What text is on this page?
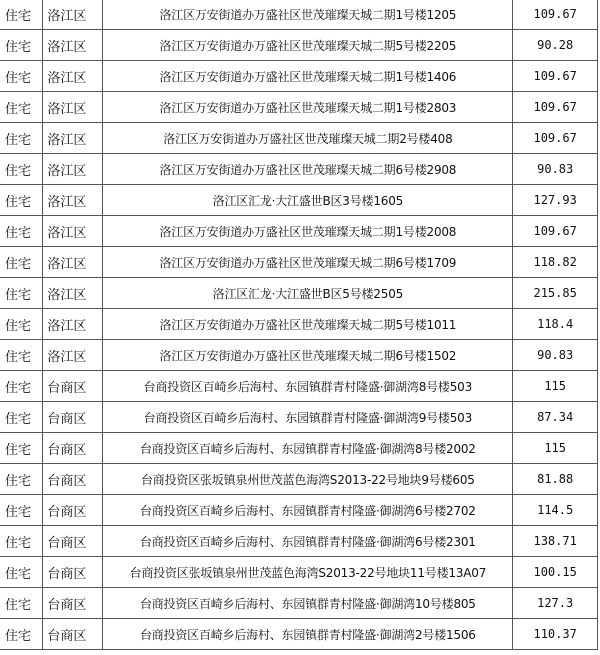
住宅	洛江区	洛江区万安街道办万盛社区世茂璀璨天城二期1号楼1205	109.67
住宅	洛江区	洛江区万安街道办万盛社区世茂璀璨天城二期5号楼2205	90.28
住宅	洛江区	洛江区万安街道办万盛社区世茂璀璨天城二期1号楼1406	109.67
住宅	洛江区	洛江区万安街道办万盛社区世茂璀璨天城二期1号楼2803	109.67
住宅	洛江区	洛江区万安街道办万盛社区世茂璀璨天城二期2号楼408	109.67
住宅	洛江区	洛江区万安街道办万盛社区世茂璀璨天城二期6号楼2908	90.83
住宅	洛江区	洛江区汇龙·大江盛世B区3号楼1605	127.93
住宅	洛江区	洛江区万安街道办万盛社区世茂璀璨天城二期1号楼2008	109.67
住宅	洛江区	洛江区万安街道办万盛社区世茂璀璨天城二期6号楼1709	118.82
住宅	洛江区	洛江区汇龙·大江盛世B区5号楼2505	215.85
住宅	洛江区	洛江区万安街道办万盛社区世茂璀璨天城二期5号楼1011	118.4
住宅	洛江区	洛江区万安街道办万盛社区世茂璀璨天城二期6号楼1502	90.83
住宅	台商区	台商投资区百崎乡后海村、东园镇群青村隆盛·御湖湾8号楼503	115
住宅	台商区	台商投资区百崎乡后海村、东园镇群青村隆盛·御湖湾9号楼503	87.34
住宅	台商区	台商投资区百崎乡后海村、东园镇群青村隆盛·御湖湾8号楼2002	115
住宅	台商区	台商投资区张坂镇泉州世茂蓝色海湾S2013-22号地块9号楼605	81.88
住宅	台商区	台商投资区百崎乡后海村、东园镇群青村隆盛·御湖湾6号楼2702	114.5
住宅	台商区	台商投资区百崎乡后海村、东园镇群青村隆盛·御湖湾6号楼2301	138.71
住宅	台商区	台商投资区张坂镇泉州世茂蓝色海湾S2013-22号地块11号楼13A07	100.15
住宅	台商区	台商投资区百崎乡后海村、东园镇群青村隆盛·御湖湾10号楼805	127.3
住宅	台商区	台商投资区百崎乡后海村、东园镇群青村隆盛·御湖湾2号楼1506	110.37
